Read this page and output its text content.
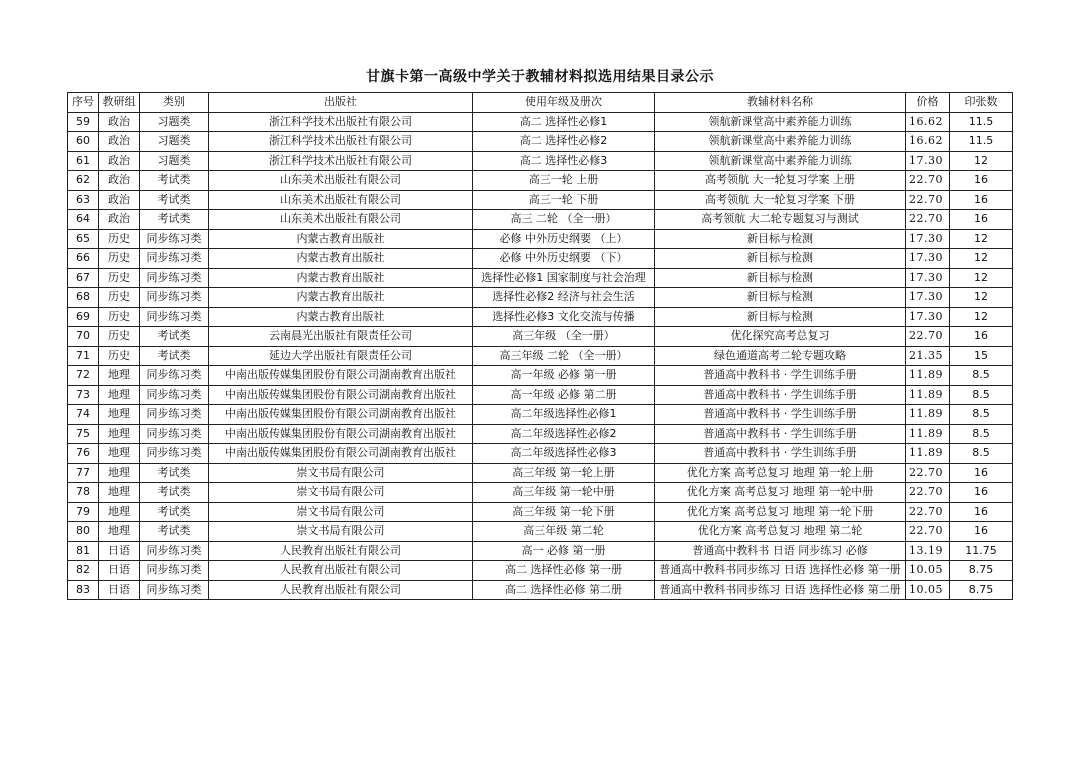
甘旗卡第一高级中学关于教辅材料拟选用结果目录公示
序号	教研组	类别	出版社	使用年级及册次	教辅材料名称	价格	印张数
59	政治	习题类	浙江科学技术出版社有限公司	高二 选择性必修1	领航新课堂高中素养能力训练	16.62	11.5
60	政治	习题类	浙江科学技术出版社有限公司	高二 选择性必修2	领航新课堂高中素养能力训练	16.62	11.5
61	政治	习题类	浙江科学技术出版社有限公司	高二 选择性必修3	领航新课堂高中素养能力训练	17.30	12
62	政治	考试类	山东美术出版社有限公司	高三一轮 上册	高考领航 大一轮复习学案 上册	22.70	16
63	政治	考试类	山东美术出版社有限公司	高三一轮 下册	高考领航 大一轮复习学案 下册	22.70	16
64	政治	考试类	山东美术出版社有限公司	高三 二轮 （全一册）	高考领航 大二轮专题复习与测试	22.70	16
65	历史	同步练习类	内蒙古教育出版社	必修 中外历史纲要 （上）	新目标与检测	17.30	12
66	历史	同步练习类	内蒙古教育出版社	必修 中外历史纲要 （下）	新目标与检测	17.30	12
67	历史	同步练习类	内蒙古教育出版社	选择性必修1 国家制度与社会治理	新目标与检测	17.30	12
68	历史	同步练习类	内蒙古教育出版社	选择性必修2 经济与社会生活	新目标与检测	17.30	12
69	历史	同步练习类	内蒙古教育出版社	选择性必修3 文化交流与传播	新目标与检测	17.30	12
70	历史	考试类	云南晨光出版社有限责任公司	高三年级 （全一册）	优化探究高考总复习	22.70	16
71	历史	考试类	延边大学出版社有限责任公司	高三年级 二轮 （全一册）	绿色通道高考二轮专题攻略	21.35	15
72	地理	同步练习类	中南出版传媒集团股份有限公司湖南教育出版社	高一年级 必修 第一册	普通高中教科书 · 学生训练手册	11.89	8.5
73	地理	同步练习类	中南出版传媒集团股份有限公司湖南教育出版社	高一年级 必修 第二册	普通高中教科书 · 学生训练手册	11.89	8.5
74	地理	同步练习类	中南出版传媒集团股份有限公司湖南教育出版社	高二年级选择性必修1	普通高中教科书 · 学生训练手册	11.89	8.5
75	地理	同步练习类	中南出版传媒集团股份有限公司湖南教育出版社	高二年级选择性必修2	普通高中教科书 · 学生训练手册	11.89	8.5
76	地理	同步练习类	中南出版传媒集团股份有限公司湖南教育出版社	高二年级选择性必修3	普通高中教科书 · 学生训练手册	11.89	8.5
77	地理	考试类	崇文书局有限公司	高三年级 第一轮上册	优化方案 高考总复习 地理 第一轮上册	22.70	16
78	地理	考试类	崇文书局有限公司	高三年级 第一轮中册	优化方案 高考总复习 地理 第一轮中册	22.70	16
79	地理	考试类	崇文书局有限公司	高三年级 第一轮下册	优化方案 高考总复习 地理 第一轮下册	22.70	16
80	地理	考试类	崇文书局有限公司	高三年级 第二轮	优化方案 高考总复习 地理 第二轮	22.70	16
81	日语	同步练习类	人民教育出版社有限公司	高一 必修 第一册	普通高中教科书 日语 同步练习 必修	13.19	11.75
82	日语	同步练习类	人民教育出版社有限公司	高二 选择性必修 第一册	普通高中教科书同步练习 日语 选择性必修 第一册	10.05	8.75
83	日语	同步练习类	人民教育出版社有限公司	高二 选择性必修 第二册	普通高中教科书同步练习 日语 选择性必修 第二册	10.05	8.75
